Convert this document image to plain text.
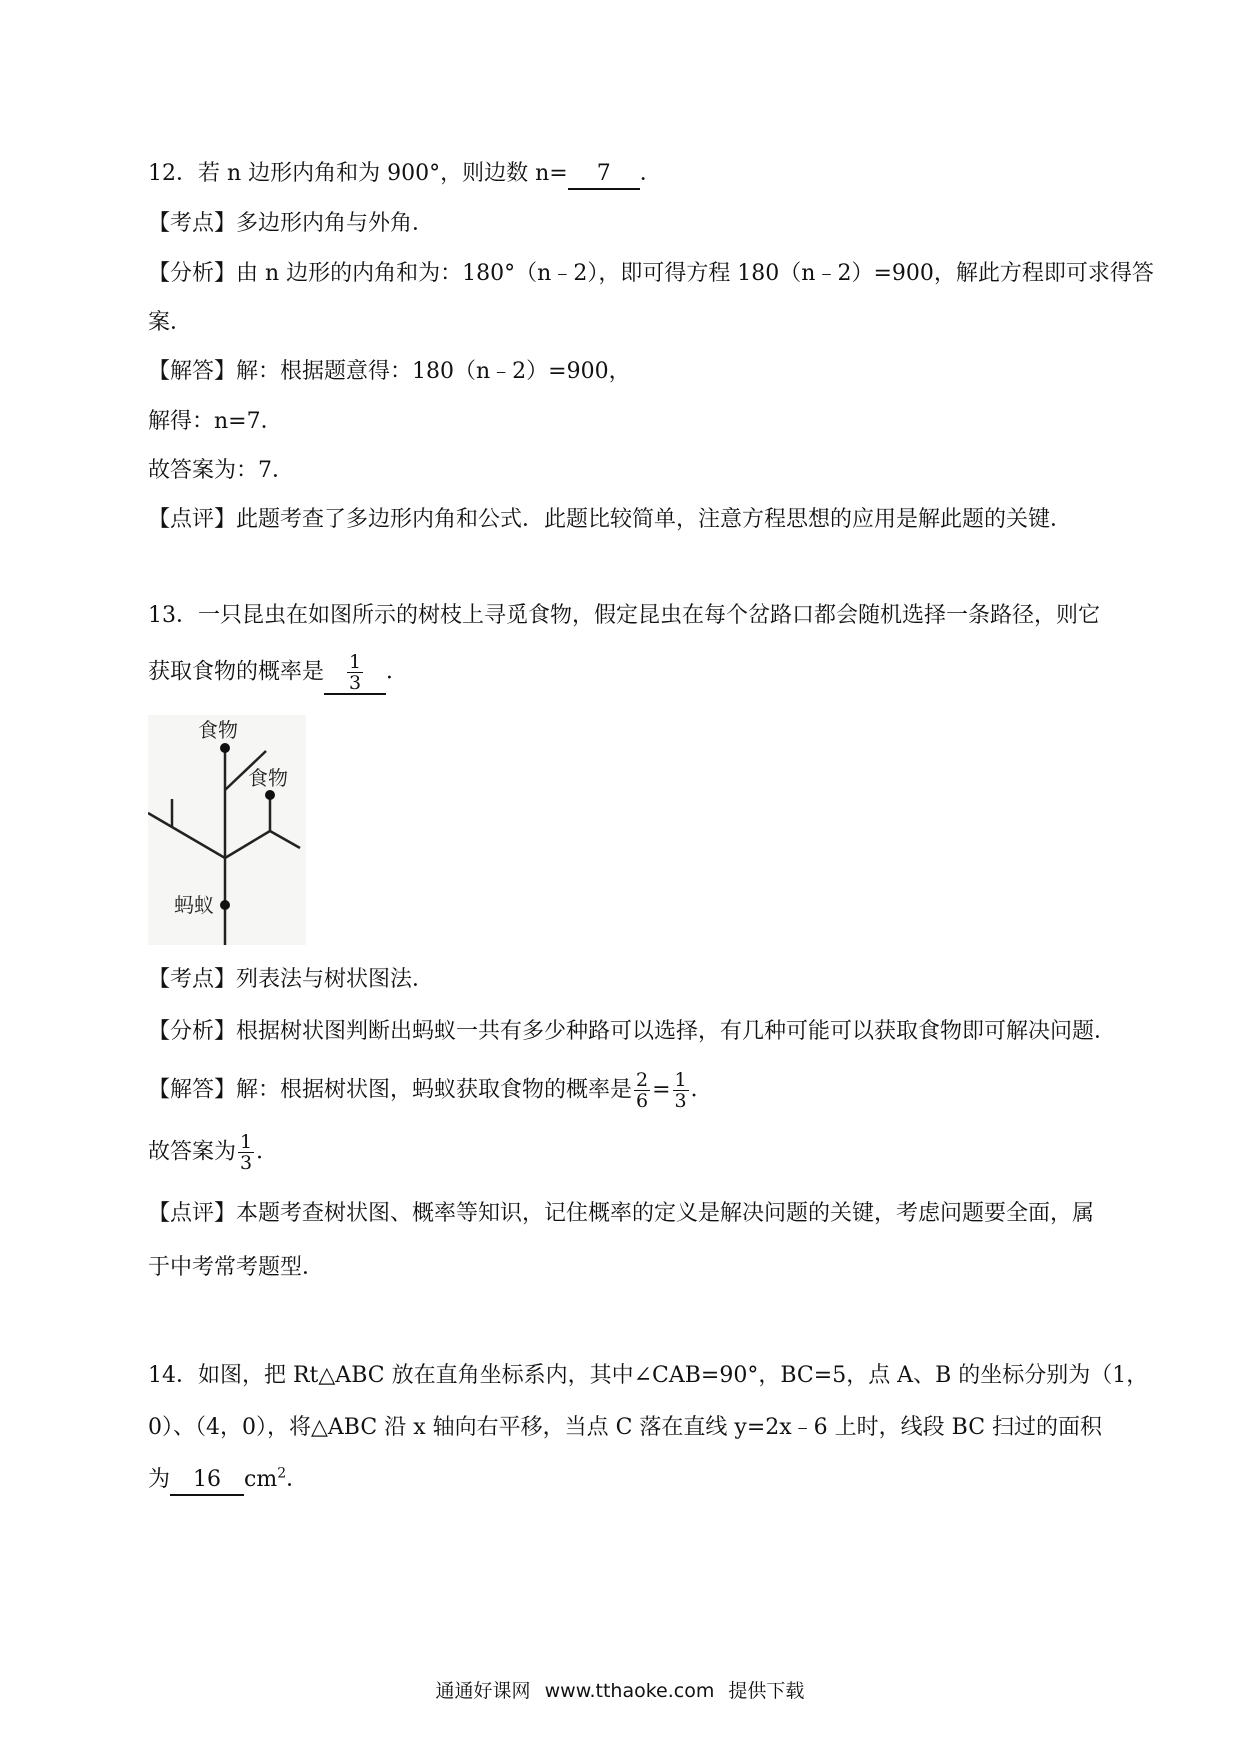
12．若 n 边形内角和为 900°，则边数 n= 7 ．
【考点】多边形内角与外角．
【分析】由 n 边形的内角和为：180°（n﹣2），即可得方程 180（n﹣2）=900，解此方程即可求得答
案．
【解答】解：根据题意得：180（n﹣2）=900，
解得：n=7．
故答案为：7．
【点评】此题考查了多边形内角和公式．此题比较简单，注意方程思想的应用是解此题的关键．
13．一只昆虫在如图所示的树枝上寻觅食物，假定昆虫在每个岔路口都会随机选择一条路径，则它
获取食物的概率是 $\frac{1}{3}$ ．
食物
食物
蚂蚁
【考点】列表法与树状图法．
【分析】根据树状图判断出蚂蚁一共有多少种路可以选择，有几种可能可以获取食物即可解决问题．
【解答】解：根据树状图，蚂蚁获取食物的概率是 $\frac{2}{6} = \frac{1}{3}$ ．
故答案为 $\frac{1}{3}$ ．
【点评】本题考查树状图、概率等知识，记住概率的定义是解决问题的关键，考虑问题要全面，属
于中考常考题型．
14．如图，把 Rt△ABC 放在直角坐标系内，其中∠CAB=90°，BC=5，点 A、B 的坐标分别为（1，
0）、（4，0），将△ABC 沿 x 轴向右平移，当点 C 落在直线 y=2x﹣6 上时，线段 BC 扫过的面积
为 16 $cm^2$．
通通好课网 www.tthaoke.com 提供下载
